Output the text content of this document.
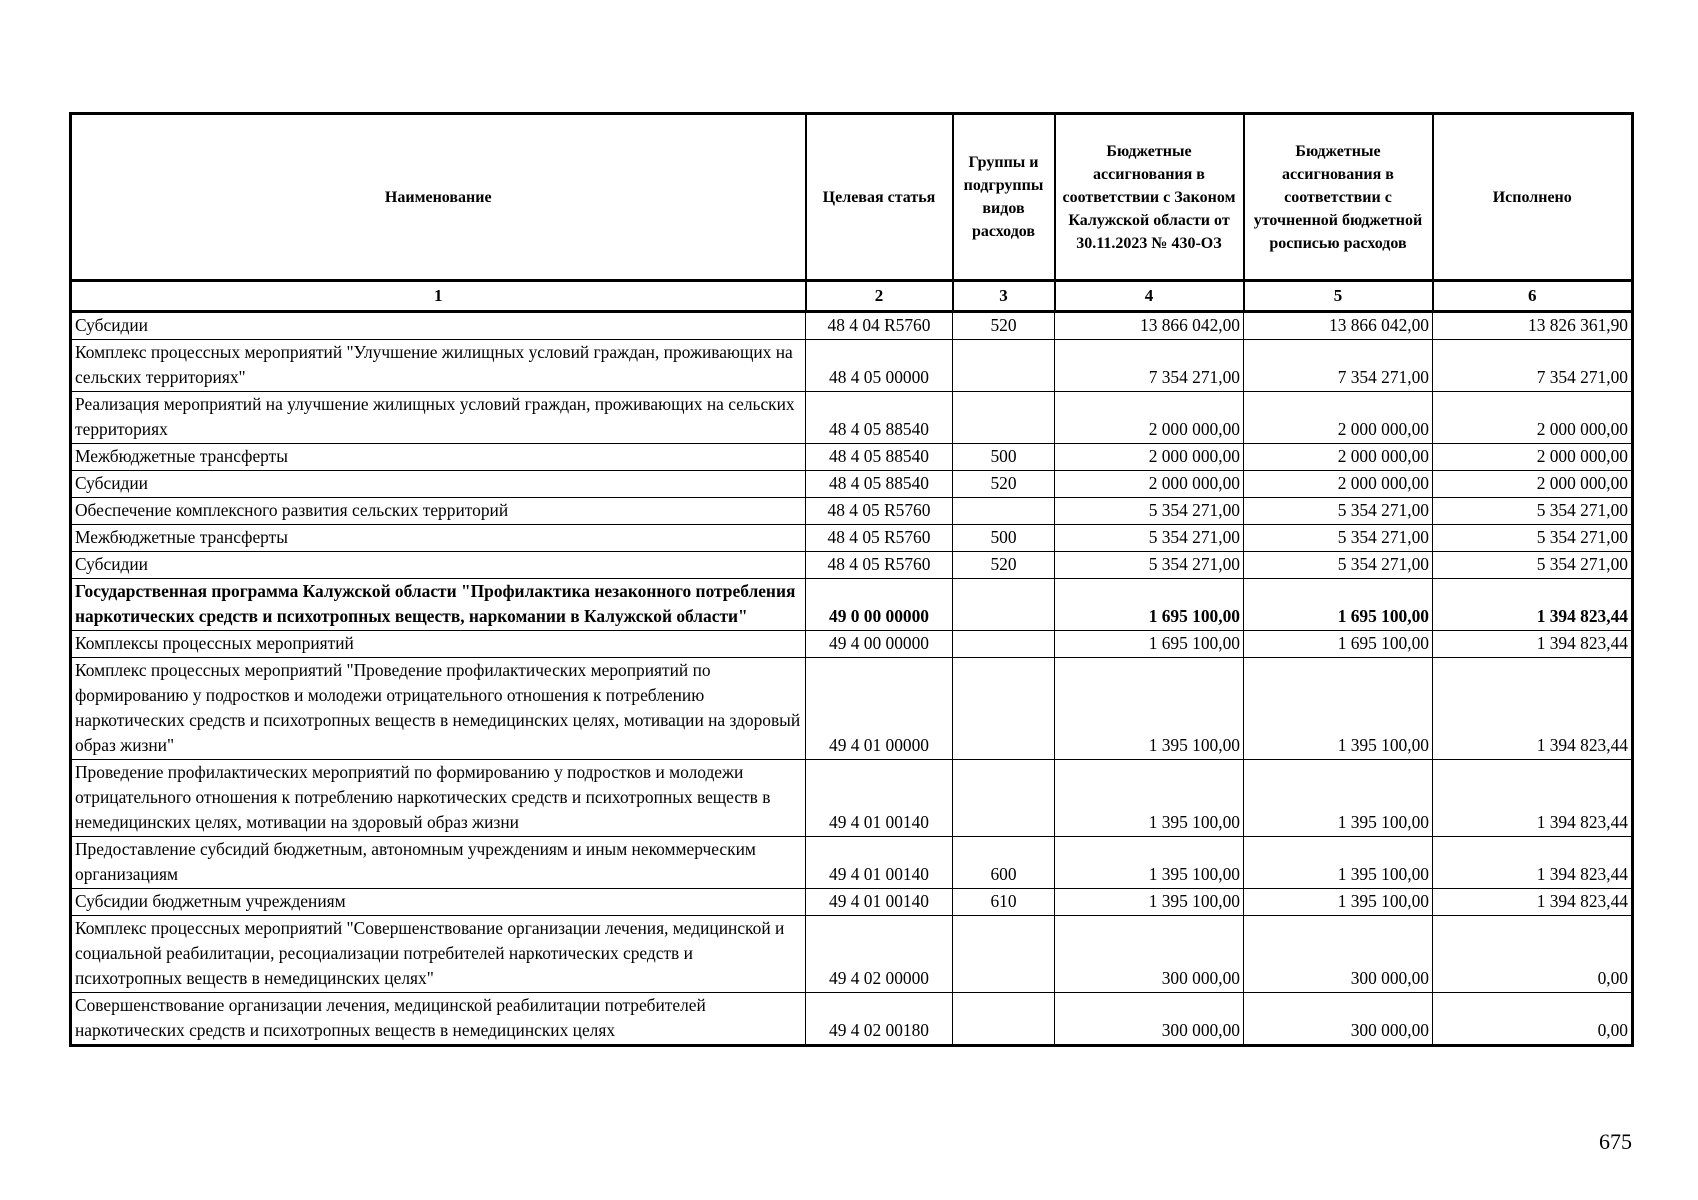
Наименование	Целевая статья	Группы и подгруппы видов расходов	Бюджетные ассигнования в соответствии с Законом Калужской области от 30.11.2023 № 430-ОЗ	Бюджетные ассигнования в соответствии с уточненной бюджетной росписью расходов	Исполнено
1	2	3	4	5	6
Субсидии	48 4 04 R5760	520	13 866 042,00	13 866 042,00	13 826 361,90
Комплекс процессных мероприятий "Улучшение жилищных условий граждан, проживающих на сельских территориях"	48 4 05 00000		7 354 271,00	7 354 271,00	7 354 271,00
Реализация мероприятий на улучшение жилищных условий граждан, проживающих на сельских территориях	48 4 05 88540		2 000 000,00	2 000 000,00	2 000 000,00
Межбюджетные трансферты	48 4 05 88540	500	2 000 000,00	2 000 000,00	2 000 000,00
Субсидии	48 4 05 88540	520	2 000 000,00	2 000 000,00	2 000 000,00
Обеспечение комплексного развития сельских территорий	48 4 05 R5760		5 354 271,00	5 354 271,00	5 354 271,00
Межбюджетные трансферты	48 4 05 R5760	500	5 354 271,00	5 354 271,00	5 354 271,00
Субсидии	48 4 05 R5760	520	5 354 271,00	5 354 271,00	5 354 271,00
Государственная программа Калужской области "Профилактика незаконного потребления наркотических средств и психотропных веществ, наркомании в Калужской области"	49 0 00 00000		1 695 100,00	1 695 100,00	1 394 823,44
Комплексы процессных мероприятий	49 4 00 00000		1 695 100,00	1 695 100,00	1 394 823,44
Комплекс процессных мероприятий "Проведение профилактических мероприятий по формированию у подростков и молодежи отрицательного отношения к потреблению наркотических средств и психотропных веществ в немедицинских целях, мотивации на здоровый образ жизни"	49 4 01 00000		1 395 100,00	1 395 100,00	1 394 823,44
Проведение профилактических мероприятий по формированию у подростков и молодежи отрицательного отношения к потреблению наркотических средств и психотропных веществ в немедицинских целях, мотивации на здоровый образ жизни	49 4 01 00140		1 395 100,00	1 395 100,00	1 394 823,44
Предоставление субсидий бюджетным, автономным учреждениям и иным некоммерческим организациям	49 4 01 00140	600	1 395 100,00	1 395 100,00	1 394 823,44
Субсидии бюджетным учреждениям	49 4 01 00140	610	1 395 100,00	1 395 100,00	1 394 823,44
Комплекс процессных мероприятий "Совершенствование организации лечения, медицинской и социальной реабилитации, ресоциализации потребителей наркотических средств и психотропных веществ в немедицинских целях"	49 4 02 00000		300 000,00	300 000,00	0,00
Совершенствование организации лечения, медицинской реабилитации потребителей наркотических средств и психотропных веществ в немедицинских целях	49 4 02 00180		300 000,00	300 000,00	0,00
675
